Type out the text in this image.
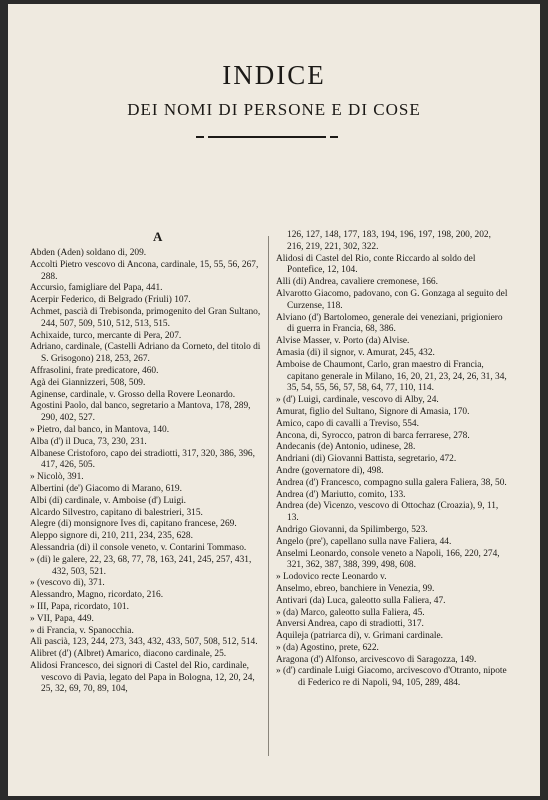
INDICE
DEI NOMI DI PERSONE E DI COSE
A

Abden (Aden) soldano di, 209.

Accolti Pietro vescovo di Ancona, cardinale, 15, 55, 56, 267, 288.

Accursio, famigliare del Papa, 441.

Acerpir Federico, di Belgrado (Friuli) 107.

Achmet, pascià di Trebisonda, primogenito del Gran Sultano, 244, 507, 509, 510, 512, 513, 515.

Achixaide, turco, mercante di Pera, 207.

Adriano, cardinale, (Castelli Adriano da Corneto, del titolo di S. Grisogono) 218, 253, 267.

Affrasolini, frate predicatore, 460.

Agà dei Giannizzeri, 508, 509.

Aginense, cardinale, v. Grosso della Rovere Leonardo.

Agostini Paolo, dal banco, segretario a Mantova, 178, 289, 290, 402, 527.

» Pietro, dal banco, in Mantova, 140.

Alba (d') il Duca, 73, 230, 231.

Albanese Cristoforo, capo dei stradiotti, 317, 320, 386, 396, 417, 426, 505.

» Nicolò, 391.

Albertini (de') Giacomo di Marano, 619.

Albi (di) cardinale, v. Amboise (d') Luigi.

Alcardo Silvestro, capitano di balestrieri, 315.

Alegre (di) monsignore Ives di, capitano francese, 269.

Aleppo signore di, 210, 211, 234, 235, 628.

Alessandria (di) il console veneto, v. Contarini Tommaso.

» (di) le galere, 22, 23, 68, 77, 78, 163, 241, 245, 257, 431, 432, 503, 521.

» (vescovo di), 371.

Alessandro, Magno, ricordato, 216.

» III, Papa, ricordato, 101.

» VII, Papa, 449.

» di Francia, v. Spanocchia.

Alì pascià, 123, 244, 273, 343, 432, 433, 507, 508, 512, 514.

Alibret (d') (Albret) Amarico, diacono cardinale, 25.

Alidosi Francesco, dei signori di Castel del Rio, cardinale, vescovo di Pavia, legato del Papa in Bologna, 12, 20, 24, 25, 32, 69, 70, 89, 104,

126, 127, 148, 177, 183, 194, 196, 197, 198, 200, 202, 216, 219, 221, 302, 322.

Alidosi di Castel del Rio, conte Riccardo al soldo del Pontefice, 12, 104.

Alli (di) Andrea, cavaliere cremonese, 166.

Alvarotto Giacomo, padovano, con G. Gonzaga al seguito del Curzense, 118.

Alviano (d') Bartolomeo, generale dei veneziani, prigioniero di guerra in Francia, 68, 386.

Alvise Masser, v. Porto (da) Alvise.

Amasia (di) il signor, v. Amurat, 245, 432.

Amboise de Chaumont, Carlo, gran maestro di Francia, capitano generale in Milano, 16, 20, 21, 23, 24, 26, 31, 34, 35, 54, 55, 56, 57, 58, 64, 77, 110, 114.

» (d') Luigi, cardinale, vescovo di Alby, 24.

Amurat, figlio del Sultano, Signore di Amasia, 170.

Amico, capo di cavalli a Treviso, 554.

Ancona, di, Syrocco, patron di barca ferrarese, 278.

Andecanis (de) Antonio, udinese, 28.

Andriani (di) Giovanni Battista, segretario, 472.

Andre (governatore di), 498.

Andrea (d') Francesco, compagno sulla galera Faliera, 38, 50.

Andrea (d') Mariutto, comito, 133.

Andrea (de) Vicenzo, vescovo di Ottochaz (Croazia), 9, 11, 13.

Andrigo Giovanni, da Spilimbergo, 523.

Angelo (pre'), capellano sulla nave Faliera, 44.

Anselmi Leonardo, console veneto a Napoli, 166, 220, 274, 321, 362, 387, 388, 399, 498, 608.

» Lodovico recte Leonardo v.

Anselmo, ebreo, banchiere in Venezia, 99.

Antivari (da) Luca, galeotto sulla Faliera, 47.

» (da) Marco, galeotto sulla Faliera, 45.

Anversi Andrea, capo di stradiotti, 317.

Aquileja (patriarca di), v. Grimani cardinale.

» (da) Agostino, prete, 622.

Aragona (d') Alfonso, arcivescovo di Saragozza, 149.

» (d') cardinale Luigi Giacomo, arcivescovo d'Otranto, nipote di Federico re di Napoli, 94, 105, 289, 484.
